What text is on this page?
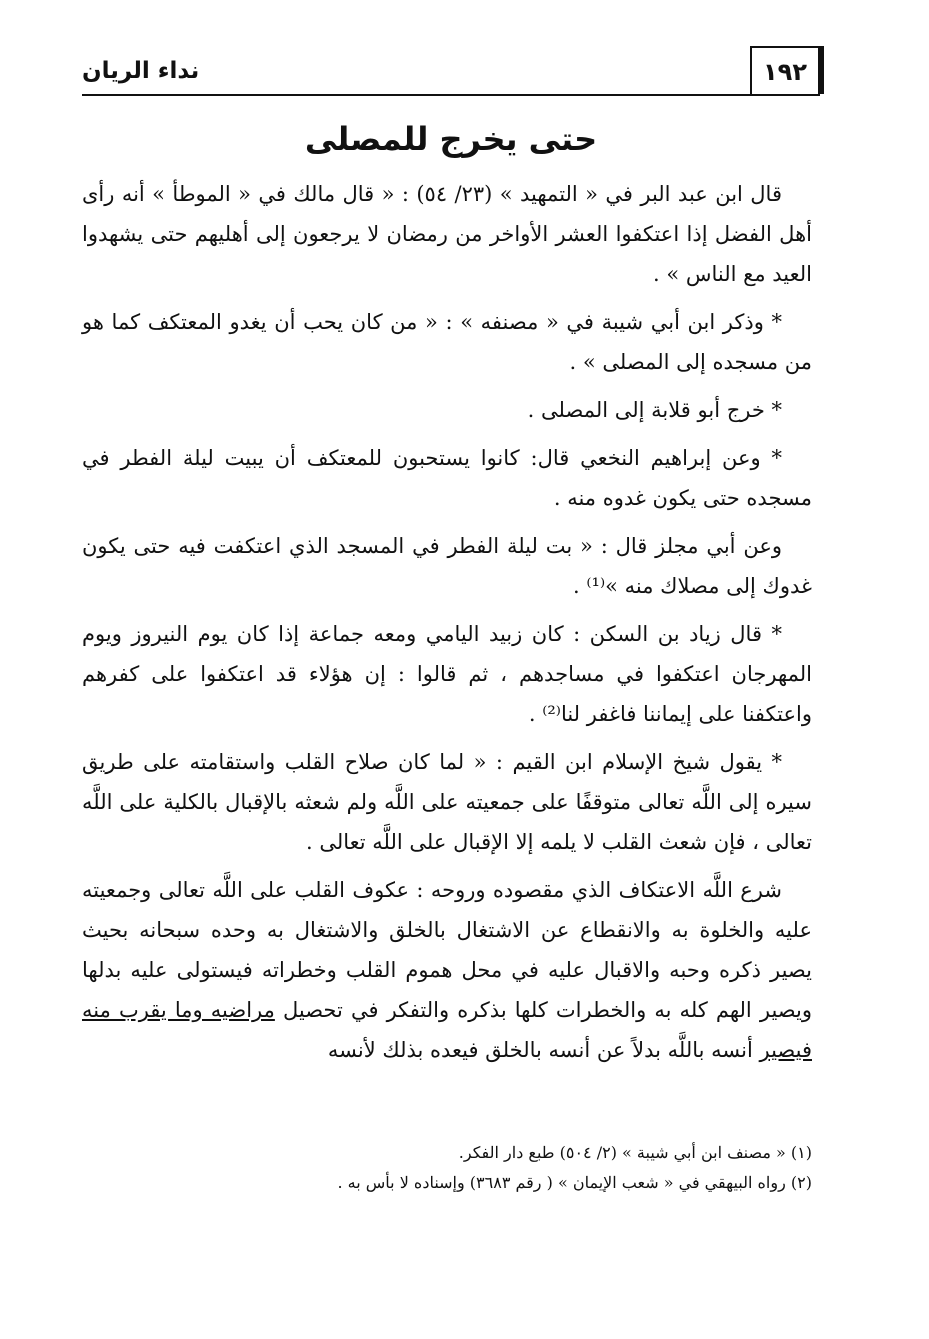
نداء الريان	١٩٢
حتى يخرج للمصلى

قال ابن عبد البر في « التمهيد » (٢٣/ ٥٤) : « قال مالك في « الموطأ » أنه رأى أهل الفضل إذا اعتكفوا العشر الأواخر من رمضان لا يرجعون إلى أهليهم حتى يشهدوا العيد مع الناس » .

* وذكر ابن أبي شيبة في « مصنفه » : « من كان يحب أن يغدو المعتكف كما هو من مسجده إلى المصلى » .

* خرج أبو قلابة إلى المصلى .

* وعن إبراهيم النخعي قال: كانوا يستحبون للمعتكف أن يبيت ليلة الفطر في مسجده حتى يكون غدوه منه .

وعن أبي مجلز قال : « بت ليلة الفطر في المسجد الذي اعتكفت فيه حتى يكون غدوك إلى مصلاك منه »⁽¹⁾ .

* قال زياد بن السكن : كان زبيد اليامي ومعه جماعة إذا كان يوم النيروز ويوم المهرجان اعتكفوا في مساجدهم ، ثم قالوا : إن هؤلاء قد اعتكفوا على كفرهم واعتكفنا على إيماننا فاغفر لنا⁽²⁾ .

* يقول شيخ الإسلام ابن القيم : « لما كان صلاح القلب واستقامته على طريق سيره إلى اللَّه تعالى متوقفًا على جمعيته على اللَّه ولم شعثه بالإقبال بالكلية على اللَّه تعالى ، فإن شعث القلب لا يلمه إلا الإقبال على اللَّه تعالى .

شرع اللَّه الاعتكاف الذي مقصوده وروحه : عكوف القلب على اللَّه تعالى وجمعيته عليه والخلوة به والانقطاع عن الاشتغال بالخلق والاشتغال به وحده سبحانه بحيث يصير ذكره وحبه والاقبال عليه في محل هموم القلب وخطراته فيستولى عليه بدلها ويصير الهم كله به والخطرات كلها بذكره والتفكر في تحصيل مراضيه وما يقرب منه فيصير أنسه باللَّه بدلاً عن أنسه بالخلق فيعده بذلك لأنسه

(١) « مصنف ابن أبي شيبة » (٢/ ٥٠٤) طبع دار الفكر.

(٢) رواه البيهقي في « شعب الإيمان » ( رقم ٣٦٨٣) وإسناده لا بأس به .
